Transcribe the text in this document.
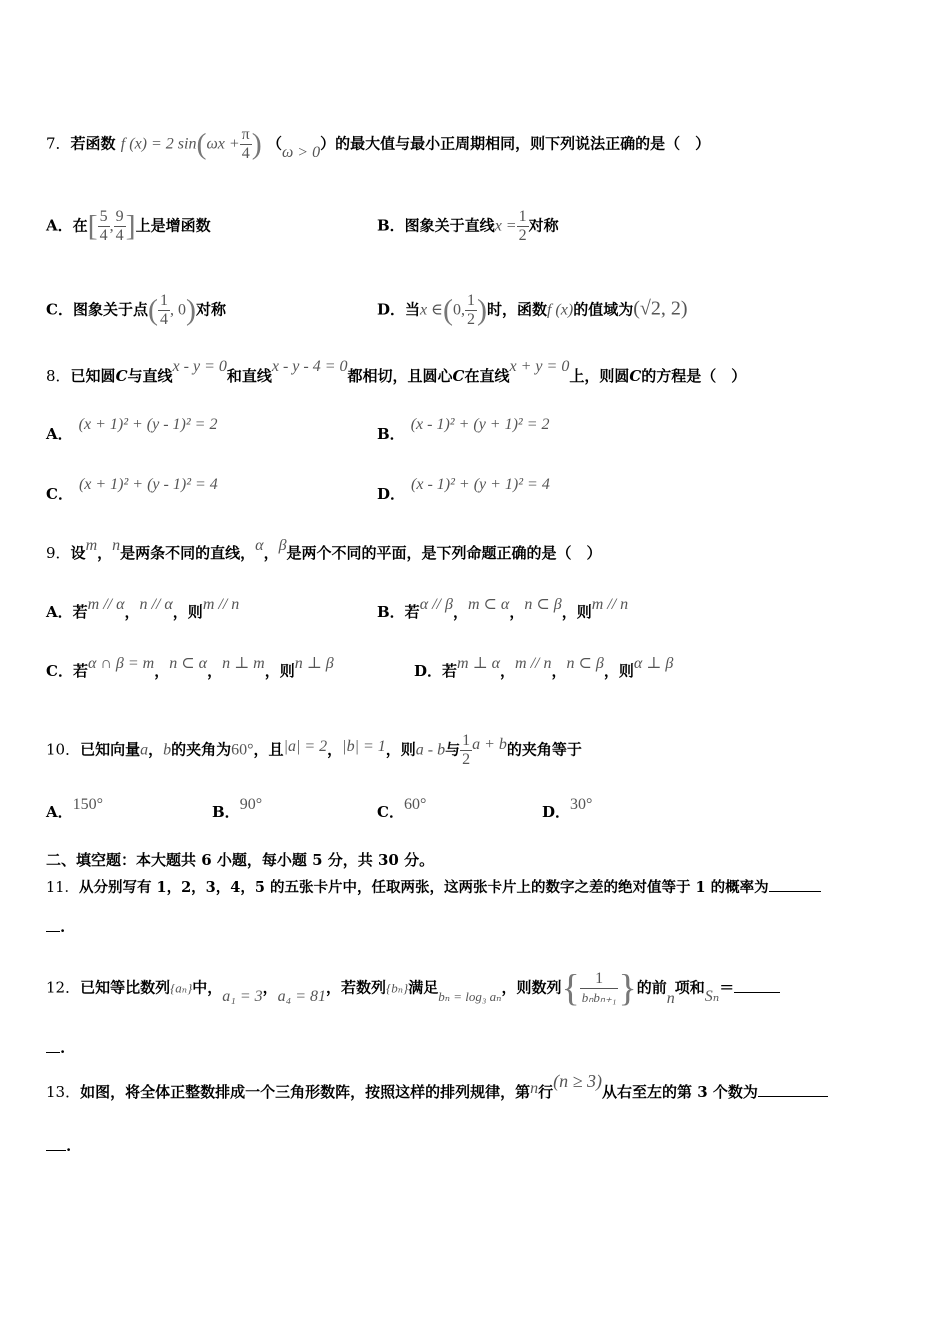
7．若函数 f (x) = 2 $\sin(\omega x + \frac{\pi}{4}$ ) （ω > 0）的最大值与最小正周期相同，则下列说法正确的是（　）
A．在[ $\frac{5}{4}$ , $\frac{9}{4}$ ]上是增函数	B．图象关于直线$x = \frac{1}{2}$ 对称
C．图象关于点( $\frac{1}{4}$ , 0)对称	D．当x ∈(0, $\frac{1}{2}$ )时，函数f (x)的值域为(√2, 2)
8．已知圆C与直线x - y = 0和直线x - y - 4 = 0都相切，且圆心C在直线x + y = 0上，则圆C的方程是（　）
A．(x + 1)² + (y - 1)² = 2
B．(x - 1)² + (y + 1)² = 2
C．(x + 1)² + (y - 1)² = 4
D．(x - 1)² + (y + 1)² = 4
9．设m，n是两条不同的直线，α，β是两个不同的平面，是下列命题正确的是（　）
A．若m // α，n // α，则m // n	B．若α // β，m ⊂ α，n ⊂ β，则m // n
C．若α ∩ β = m，n ⊂ α，n ⊥ m，则n ⊥ β	D．若m ⊥ α，m // n，n ⊂ β，则α ⊥ β
10．已知向量a，b的夹角为60°，且|a| = 2，|b| = 1，则a - b与 $\frac{1}{2}$ a + b的夹角等于
A．150°	B．90°	C．60°	D．30°
二、填空题：本大题共 6 小题，每小题 5 分，共 30 分。
11．从分别写有 1，2，3，4，5 的五张卡片中，任取两张，这两张卡片上的数字之差的绝对值等于 1 的概率为
.
12．已知等比数列{aₙ}中，a₁ = 3，a₄ = 81，若数列{bₙ}满足bₙ = log₃ aₙ，则数列{ $\frac{1}{\text{bₙbₙ₊₁}}$ }的前n项和Sₙ＝
.
13．如图，将全体正整数排成一个三角形数阵，按照这样的排列规律，第n行(n ≥ 3)从右至左的第 3 个数为
.
